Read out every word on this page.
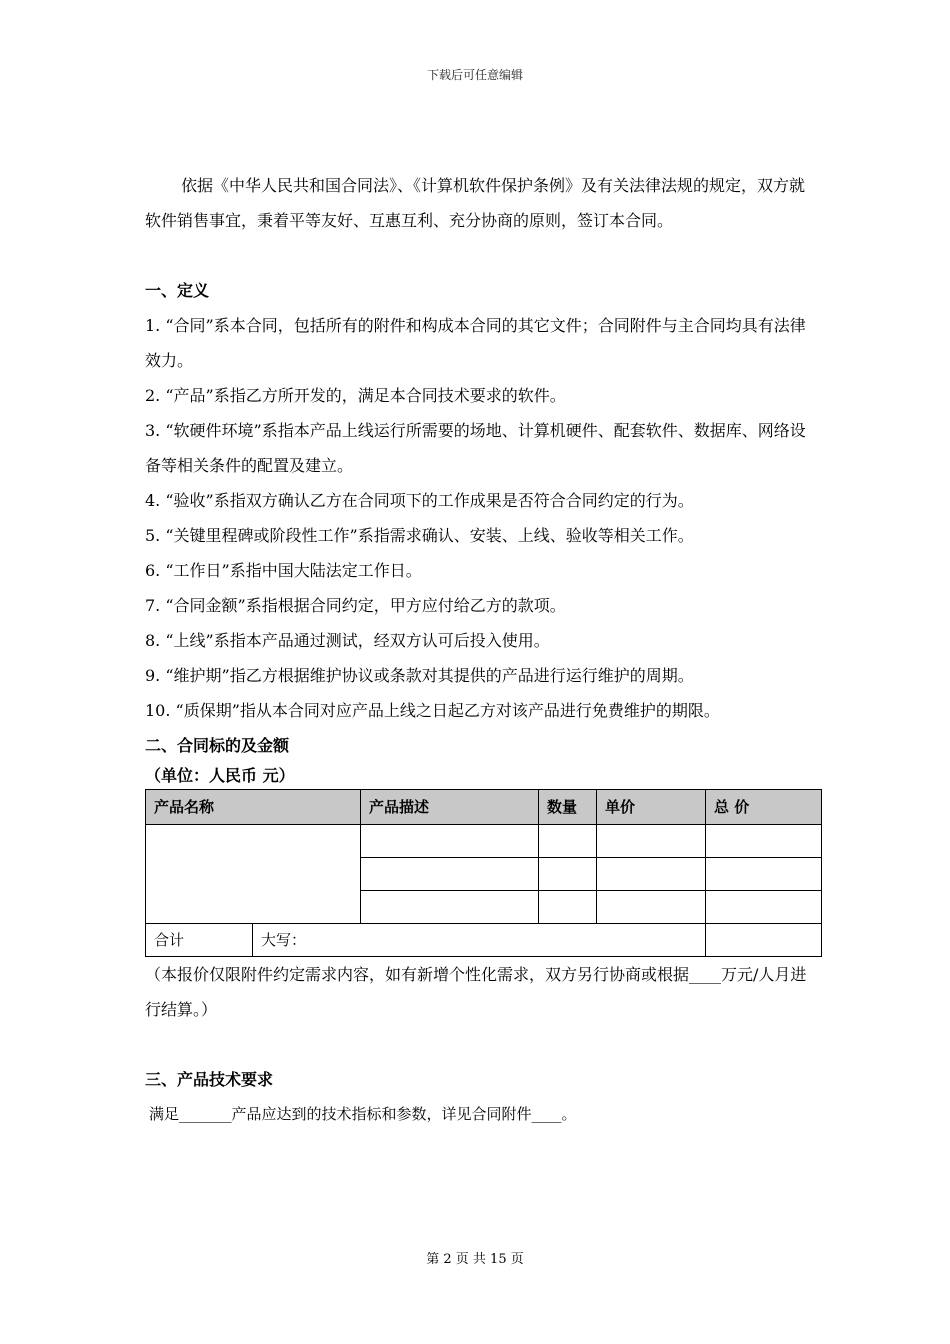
下载后可任意编辑

依据《中华人民共和国合同法》、《计算机软件保护条例》及有关法律法规的规定，双方就软件销售事宜，秉着平等友好、互惠互利、充分协商的原则，签订本合同。

一、定义

1. “合同”系本合同，包括所有的附件和构成本合同的其它文件；合同附件与主合同均具有法律效力。

2. “产品”系指乙方所开发的，满足本合同技术要求的软件。

3. “软硬件环境”系指本产品上线运行所需要的场地、计算机硬件、配套软件、数据库、网络设备等相关条件的配置及建立。

4. “验收”系指双方确认乙方在合同项下的工作成果是否符合合同约定的行为。

5. “关键里程碑或阶段性工作”系指需求确认、安装、上线、验收等相关工作。

6. “工作日”系指中国大陆法定工作日。

7. “合同金额”系指根据合同约定，甲方应付给乙方的款项。

8. “上线”系指本产品通过测试，经双方认可后投入使用。

9. “维护期”指乙方根据维护协议或条款对其提供的产品进行运行维护的周期。

10. “质保期”指从本合同对应产品上线之日起乙方对该产品进行免费维护的期限。

二、合同标的及金额

（单位：人民币 元）

产品名称		产品描述	数量	单价	总 价

合计	大写：				

（本报价仅限附件约定需求内容，如有新增个性化需求，双方另行协商或根据____万元/人月进行结算。）

三、产品技术要求

满足_______产品应达到的技术指标和参数，详见合同附件____。

第 2 页 共 15 页
